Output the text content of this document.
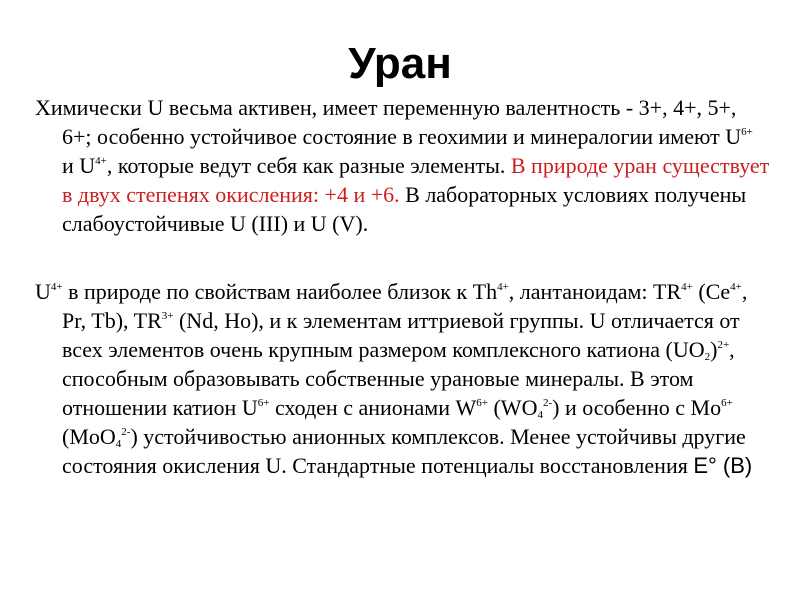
Уран
Химически U весьма активен, имеет переменную валентность - 3+, 4+, 5+, 6+; особенно устойчивое состояние в геохимии и минералогии имеют $U^{6+}$ и $U^{4+}$, которые ведут себя как разные элементы. В природе уран существует в двух степенях окисления: +4 и +6. В лабораторных условиях получены слабоустойчивые U (III) и U (V).
$U^{4+}$ в природе по свойствам наиболее близок к $Th^{4+}$, лантаноидам: $TR^{4+}$ ($Ce^{4+}$, Pr, Tb), $TR^{3+}$ (Nd, Ho), и к элементам иттриевой группы. U отличается от всех элементов очень крупным размером комплексного катиона $(UO_2)^{2+}$, способным образовывать собственные урановые минералы. В этом отношении катион $U^{6+}$ сходен с анионами $W^{6+}$ $(WO_4^{2-})$ и особенно с $Mo^{6+}$ (MoO$_4^{2-}$) устойчивостью анионных комплексов. Менее устойчивы другие состояния окисления U. Стандартные потенциалы восстановления E° (B)
